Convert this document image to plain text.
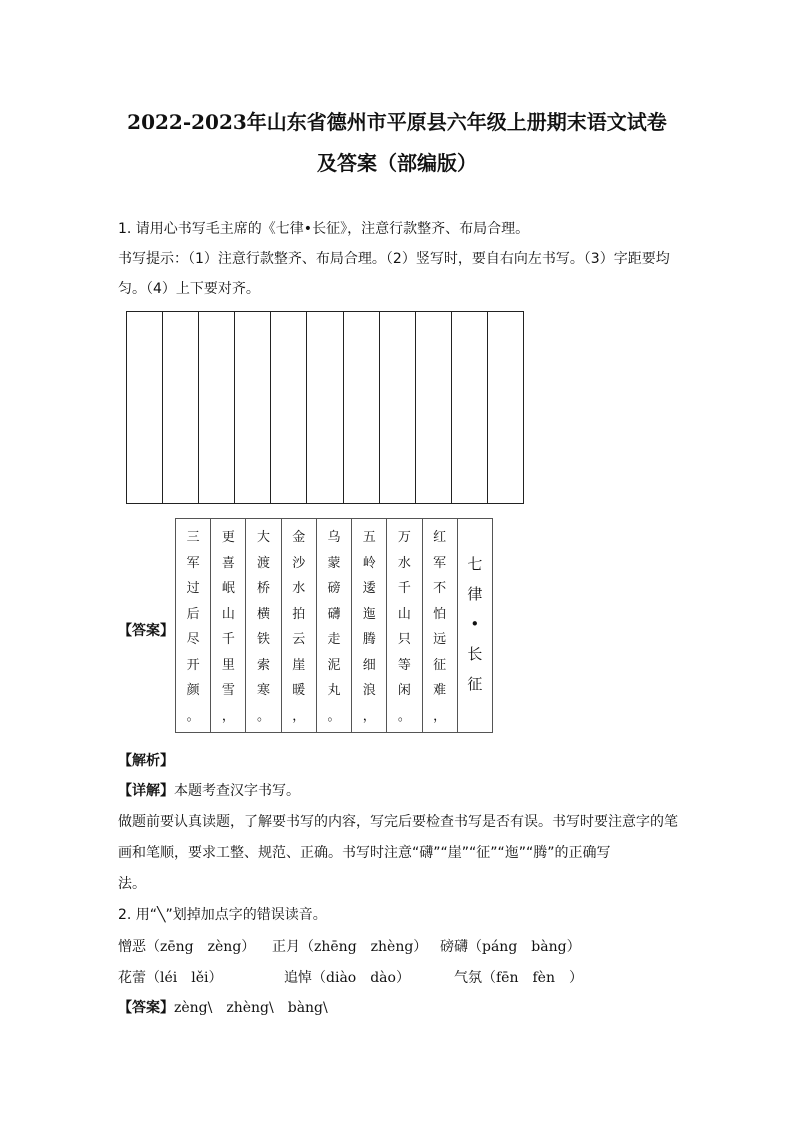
2022-2023年山东省德州市平原县六年级上册期末语文试卷
及答案（部编版）
1. 请用心书写毛主席的《七律•长征》，注意行款整齐、布局合理。
书写提示：（1）注意行款整齐、布局合理。（2）竖写时，要自右向左书写。（3）字距要均
匀。（4）上下要对齐。
【答案】
三
军
过
后
尽
开
颜
。
更
喜
岷
山
千
里
雪
，
大
渡
桥
横
铁
索
寒
。
金
沙
水
拍
云
崖
暖
，
乌
蒙
磅
礴
走
泥
丸
。
五
岭
逶
迤
腾
细
浪
，
万
水
千
山
只
等
闲
。
红
军
不
怕
远
征
难
，
七
律
•
长
征
【解析】
【详解】本题考查汉字书写。
做题前要认真读题，了解要书写的内容，写完后要检查书写是否有误。书写时要注意字的笔
画和笔顺，要求工整、规范、正确。书写时注意“礴”“崖”“征”“迤”“腾”的正确写
法。
2. 用“╲”划掉加点字的错误读音。
憎恶（zēng　zèng） 正月（zhēng　zhèng） 磅礴（páng　bàng）
花蕾（léi　lěi）	追悼（diào　dào）	气氛（fēn　fèn　）
【答案】zèng\　zhèng\　bàng\
